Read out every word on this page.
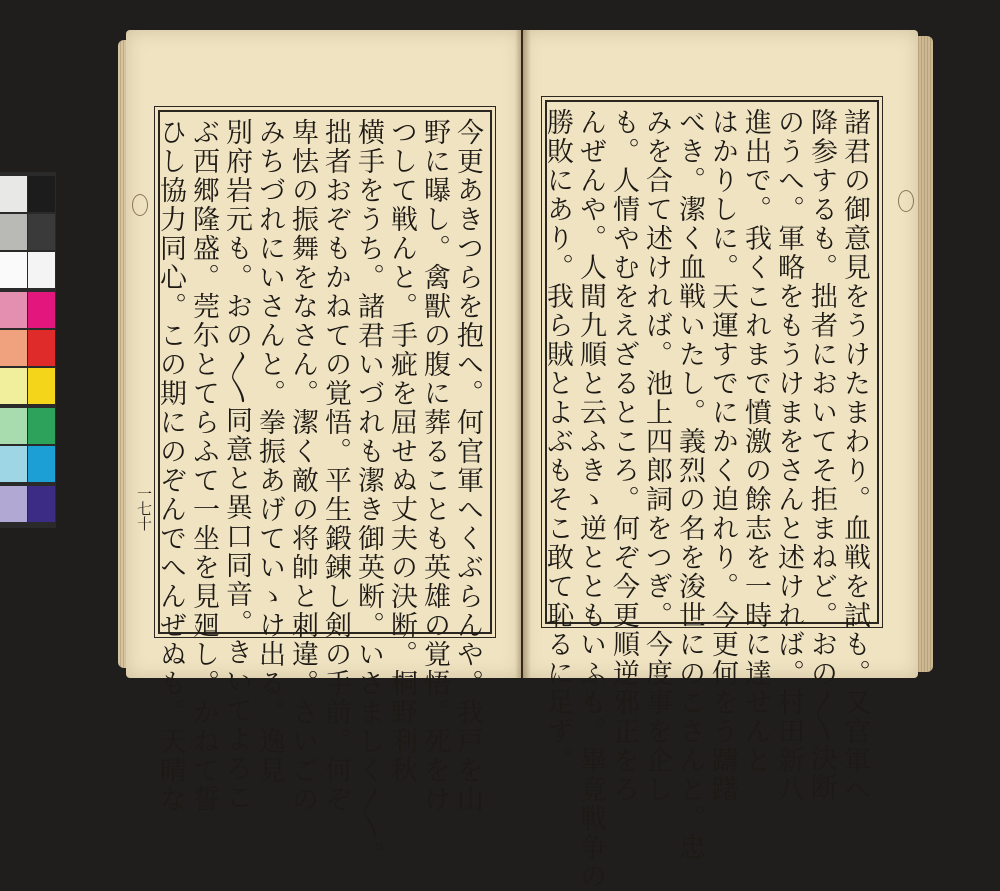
今更あきつらを抱へ。何官軍へくぶらんや。我戸を山
野に曝し。禽獸の腹に葬ることも英雄の覚悟。死をけ
つして戦んと。手疵を屈せぬ丈夫の決断。桐野利秋
横手をうち。諸君いづれも潔き御英断。いさましく〳〵。
拙者おぞもかねての覚悟。平生鍛錬し剣の手前。何ぞ
卑怯の振舞をなさん。潔く敵の将帥と刺違。さいごの
みちづれにいさんと。拳振あげていゝけ出る。逸見
別府岩元も。おの〳〵同意と異口同音。きいてよろこ
ぶ西郷隆盛。莞尓とてらふて一坐を見廻し。かねて誓
ひし協力同心。この期にのぞんでへんぜぬも。天晴な	諸君の御意見をうけたまわり。血戦を試も。又官軍へ
降参するも。拙者においてそ拒まねど。おの〳〵決断
のうへ。軍略をもうけまをさんと述ければ。村田新八
進出で。我くこれまで憤激の餘志を一時に達せんと
はかりしに。天運すでにかく迫れり。今更何をう躊躇
べき。潔く血戦いたし。義烈の名を浚世にのこさんと。忠
みを合て述ければ。池上四郎詞をつぎ。今度事を企し
も。人情やむをえざるところ。何ぞ今更順逆邪正をろ
んぜんや。人間九順と云ふきゝ逆とともいふも。畢竟戦争の
勝敗にあり。我ら賊とよぶもそこ敢て恥るに足ず。
一七十
